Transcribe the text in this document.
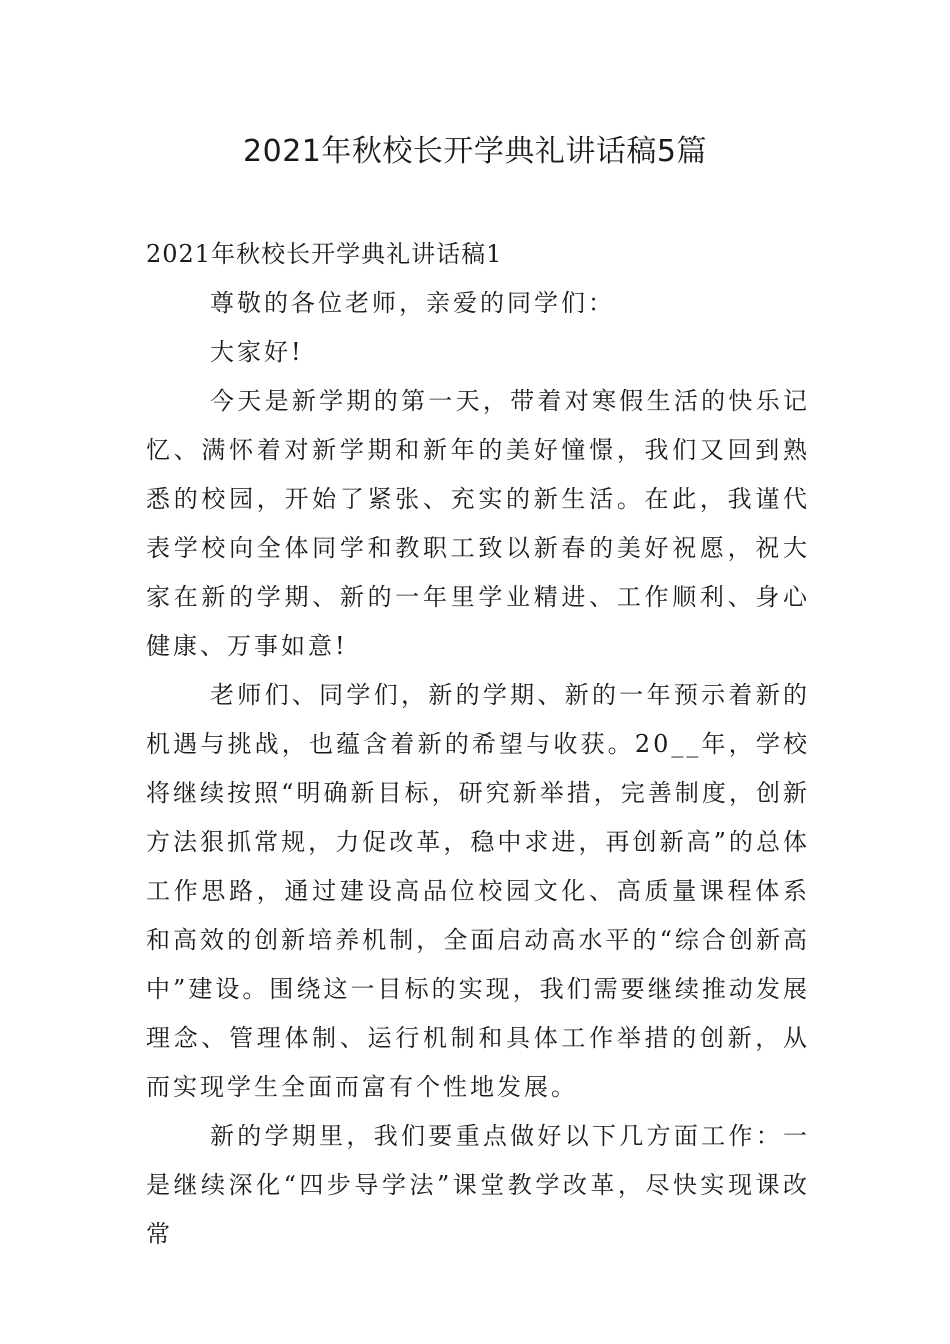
2021年秋校长开学典礼讲话稿5篇
2021年秋校长开学典礼讲话稿1

尊敬的各位老师，亲爱的同学们：

大家好!

今天是新学期的第一天，带着对寒假生活的快乐记忆、满怀着对新学期和新年的美好憧憬，我们又回到熟悉的校园，开始了紧张、充实的新生活。在此，我谨代表学校向全体同学和教职工致以新春的美好祝愿，祝大家在新的学期、新的一年里学业精进、工作顺利、身心健康、万事如意!

老师们、同学们，新的学期、新的一年预示着新的机遇与挑战，也蕴含着新的希望与收获。20__年，学校将继续按照“明确新目标，研究新举措，完善制度，创新方法狠抓常规，力促改革，稳中求进，再创新高”的总体工作思路，通过建设高品位校园文化、高质量课程体系和高效的创新培养机制，全面启动高水平的“综合创新高中”建设。围绕这一目标的实现，我们需要继续推动发展理念、管理体制、运行机制和具体工作举措的创新，从而实现学生全面而富有个性地发展。

新的学期里，我们要重点做好以下几方面工作：一是继续深化“四步导学法”课堂教学改革，尽快实现课改常
